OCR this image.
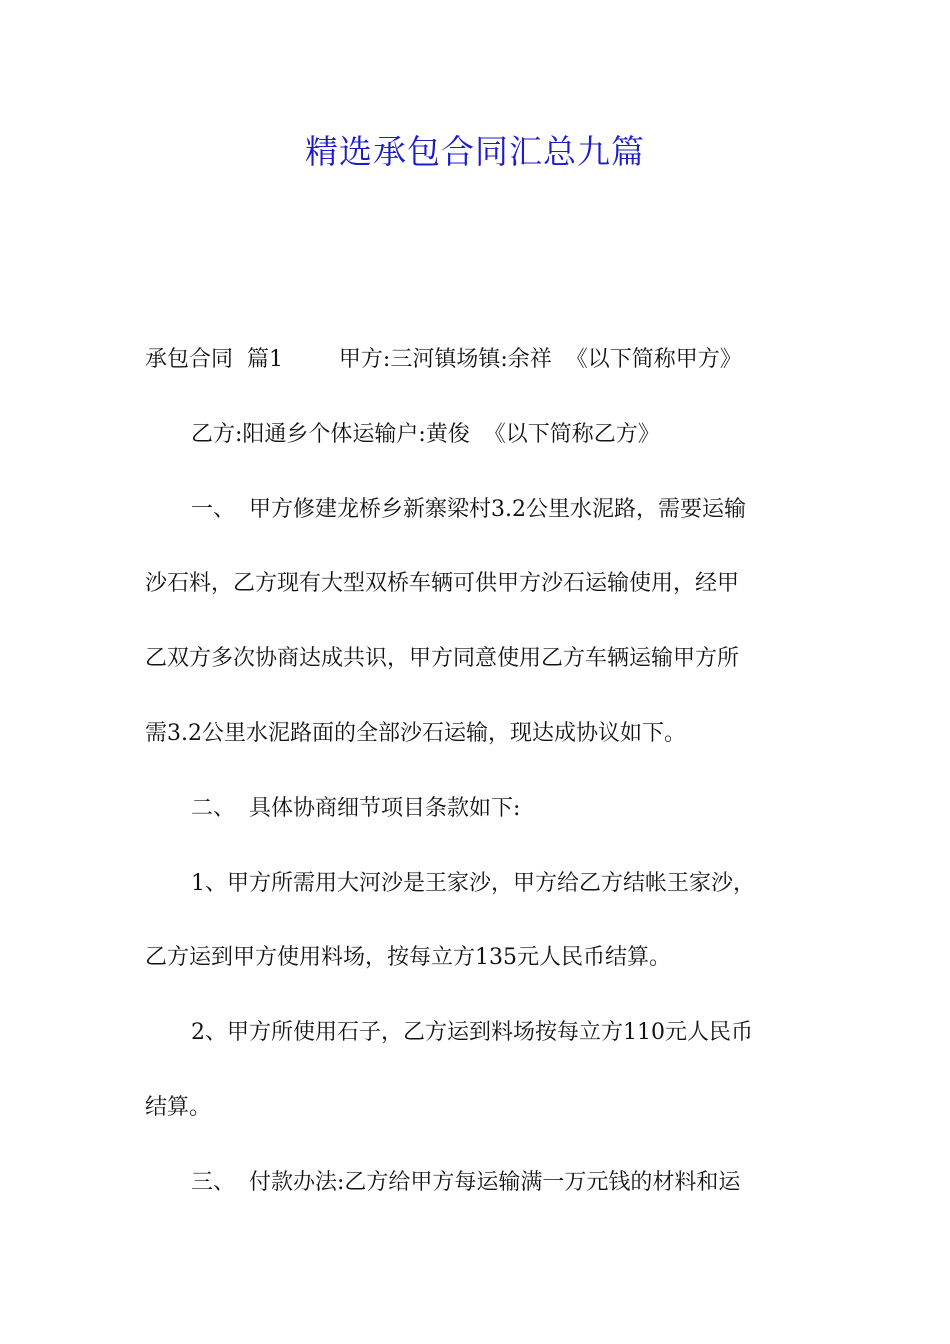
精选承包合同汇总九篇
承包合同  篇1        甲方:三河镇场镇:余祥  《以下简称甲方》
乙方:阳通乡个体运输户:黄俊  《以下简称乙方》
一、  甲方修建龙桥乡新寨梁村3.2公里水泥路，需要运输
沙石料，乙方现有大型双桥车辆可供甲方沙石运输使用，经甲
乙双方多次协商达成共识，甲方同意使用乙方车辆运输甲方所
需3.2公里水泥路面的全部沙石运输，现达成协议如下。
二、  具体协商细节项目条款如下:
1、甲方所需用大河沙是王家沙，甲方给乙方结帐王家沙，
乙方运到甲方使用料场，按每立方135元人民币结算。
2、甲方所使用石子，乙方运到料场按每立方110元人民币
结算。
三、  付款办法:乙方给甲方每运输满一万元钱的材料和运
